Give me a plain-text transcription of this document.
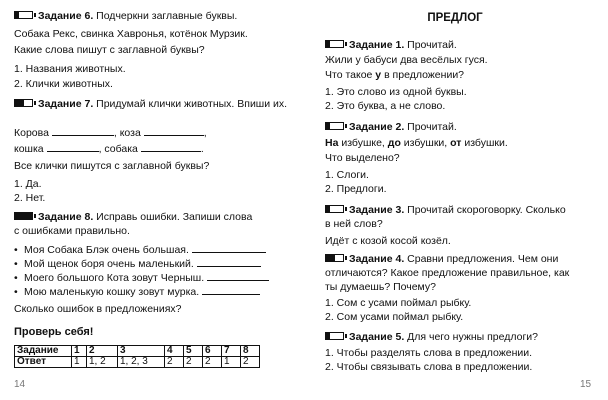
Задание 6. Подчеркни заглавные буквы.
Собака Рекс, свинка Хавронья, котёнок Мурзик.
Какие слова пишут с заглавной буквы?
1. Названия животных.
2. Клички животных.
Задание 7. Придумай клички животных. Впиши их.
Корова	, коза	,
кошка	, собака	.
Все клички пишутся с заглавной буквы?
1. Да.
2. Нет.
Задание 8. Исправь ошибки. Запиши слова
с ошибками правильно.
• Моя Собака Блэк очень большая.
• Мой щенок боря очень маленький.
• Моего большого Кота зовут Черныш.
• Мою маленькую кошку зовут мурка.
Сколько ошибок в предложениях?
Проверь себя!
Задание	1	2	3	4	5	6	7	8
Ответ	1	1, 2	1, 2, 3	2	2	2	1	2
14
ПРЕДЛОГ
Задание 1. Прочитай.
Жили у бабуси два весёлых гуся.
Что такое у в предложении?
1. Это слово из одной буквы.
2. Это буква, а не слово.
Задание 2. Прочитай.
На избушке, до избушки, от избушки.
Что выделено?
1. Слоги.
2. Предлоги.
Задание 3. Прочитай скороговорку. Сколько
в ней слов?
Идёт с козой косой козёл.
Задание 4. Сравни предложения. Чем они
отличаются? Какое предложение правильное, как
ты думаешь? Почему?
1. Сом с усами поймал рыбку.
2. Сом усами поймал рыбку.
Задание 5. Для чего нужны предлоги?
1. Чтобы разделять слова в предложении.
2. Чтобы связывать слова в предложении.
15
